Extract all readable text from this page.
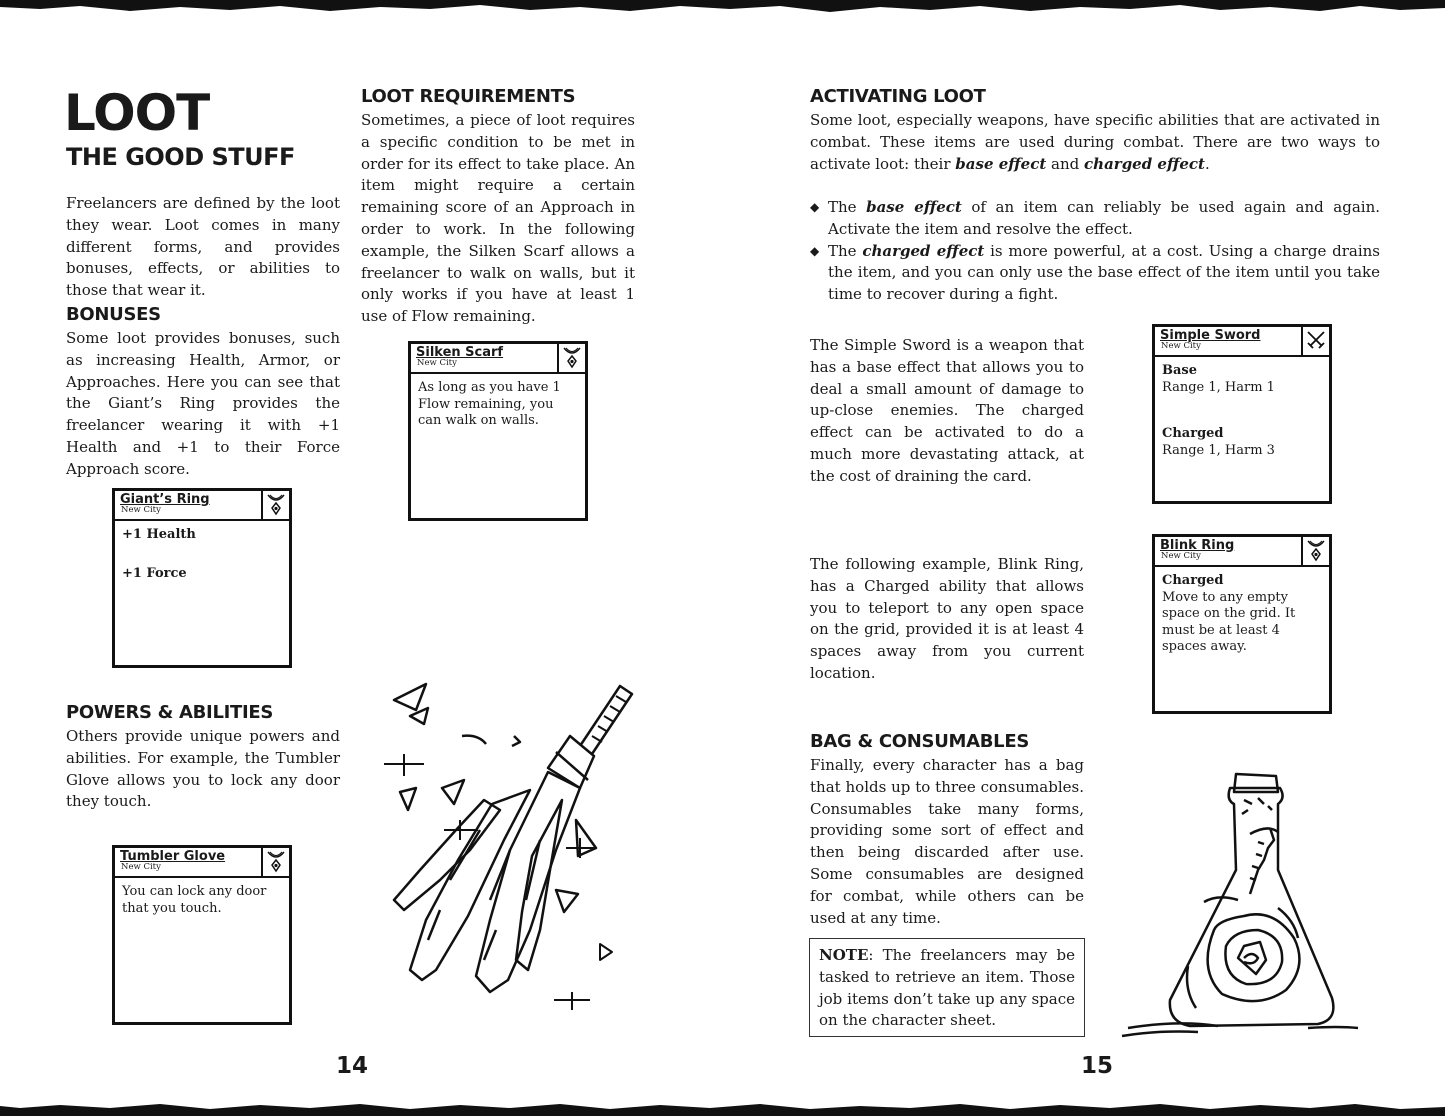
LOOT
THE GOOD STUFF
Freelancers are defined by the loot they wear. Loot comes in many different forms, and provides bonuses, effects, or abilities to those that wear it.
BONUSES
Some loot provides bonuses, such as increasing Health, Armor, or Approaches. Here you can see that the Giant’s Ring provides the freelancer wearing it with +1 Health and +1 to their Force Approach score.
Giant’s Ring
New City
+1 Health
+1 Force
POWERS & ABILITIES
Others provide unique powers and abilities. For example, the Tumbler Glove allows you to lock any door they touch.
Tumbler Glove
New City
You can lock any door that you touch.
LOOT REQUIREMENTS
Sometimes, a piece of loot requires a specific condition to be met in order for its effect to take place. An item might require a certain remaining score of an Approach in order to work. In the following example, the Silken Scarf allows a freelancer to walk on walls, but it only works if you have at least 1 use of Flow remaining.
Silken Scarf
New City
As long as you have 1 Flow remaining, you can walk on walls.
14
ACTIVATING LOOT
Some loot, especially weapons, have specific abilities that are activated in combat. These items are used during combat. There are two ways to activate loot: their base effect and charged effect.
◆ The base effect of an item can reliably be used again and again. Activate the item and resolve the effect.
◆ The charged effect is more powerful, at a cost. Using a charge drains the item, and you can only use the base effect of the item until you take time to recover during a fight.
The Simple Sword is a weapon that has a base effect that allows you to deal a small amount of damage to up-close enemies. The charged effect can be activated to do a much more devastating attack, at the cost of draining the card.
Simple Sword
New City
Base
Range 1, Harm 1
Charged
Range 1, Harm 3
The following example, Blink Ring, has a Charged ability that allows you to teleport to any open space on the grid, provided it is at least 4 spaces away from you current location.
Blink Ring
New City
Charged
Move to any empty space on the grid. It must be at least 4 spaces away.
BAG & CONSUMABLES
Finally, every character has a bag that holds up to three consumables. Consumables take many forms, providing some sort of effect and then being discarded after use. Some consumables are designed for combat, while others can be used at any time.
NOTE: The freelancers may be tasked to retrieve an item. Those job items don’t take up any space on the character sheet.
15
